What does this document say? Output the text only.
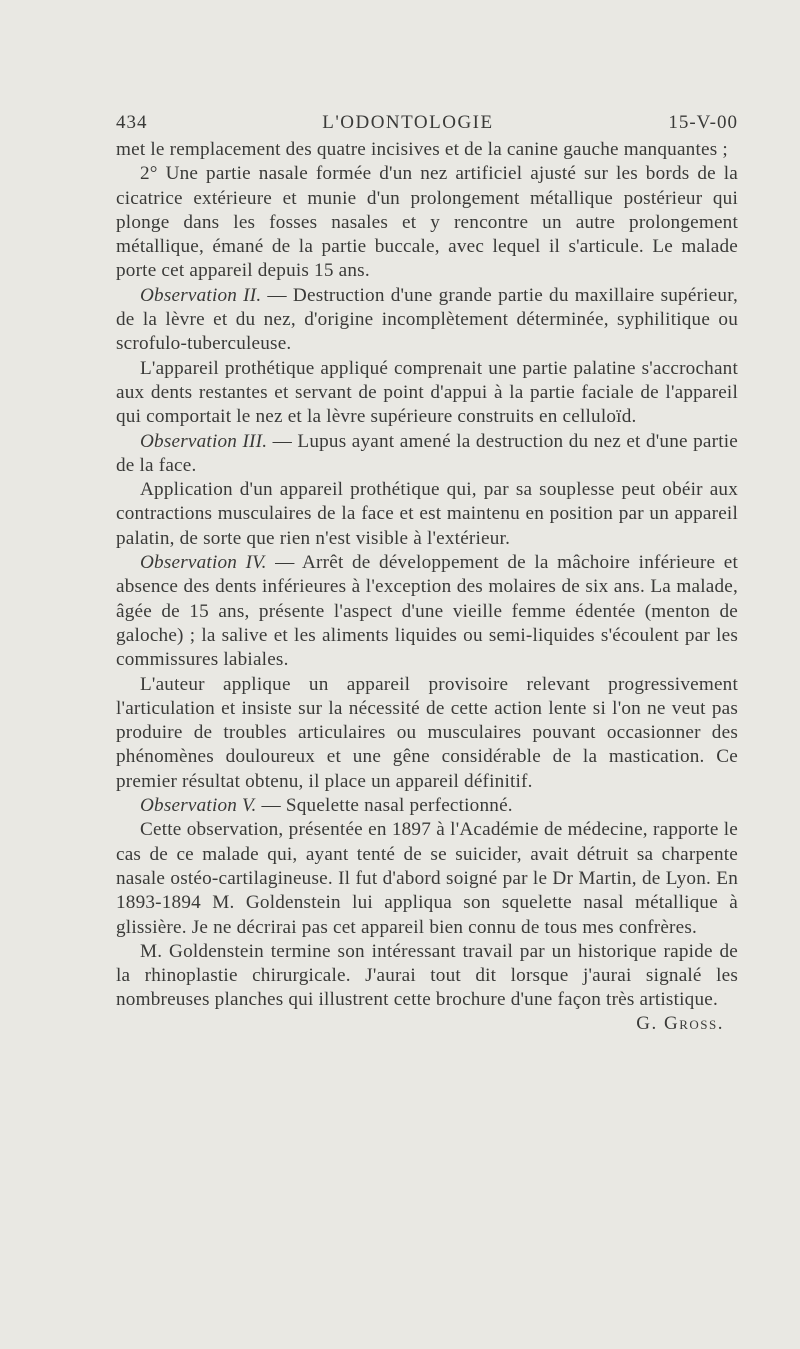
434	L'ODONTOLOGIE	15-V-00

met le remplacement des quatre incisives et de la canine gauche manquantes ;

2° Une partie nasale formée d'un nez artificiel ajusté sur les bords de la cicatrice extérieure et munie d'un prolongement métallique postérieur qui plonge dans les fosses nasales et y rencontre un autre prolongement métallique, émané de la partie buccale, avec lequel il s'articule. Le malade porte cet appareil depuis 15 ans.

Observation II. — Destruction d'une grande partie du maxillaire supérieur, de la lèvre et du nez, d'origine incomplètement déterminée, syphilitique ou scrofulo-tuberculeuse.

L'appareil prothétique appliqué comprenait une partie palatine s'accrochant aux dents restantes et servant de point d'appui à la partie faciale de l'appareil qui comportait le nez et la lèvre supérieure construits en celluloïd.

Observation III. — Lupus ayant amené la destruction du nez et d'une partie de la face.

Application d'un appareil prothétique qui, par sa souplesse peut obéir aux contractions musculaires de la face et est maintenu en position par un appareil palatin, de sorte que rien n'est visible à l'extérieur.

Observation IV. — Arrêt de développement de la mâchoire inférieure et absence des dents inférieures à l'exception des molaires de six ans. La malade, âgée de 15 ans, présente l'aspect d'une vieille femme édentée (menton de galoche) ; la salive et les aliments liquides ou semi-liquides s'écoulent par les commissures labiales.

L'auteur applique un appareil provisoire relevant progressivement l'articulation et insiste sur la nécessité de cette action lente si l'on ne veut pas produire de troubles articulaires ou musculaires pouvant occasionner des phénomènes douloureux et une gêne considérable de la mastication. Ce premier résultat obtenu, il place un appareil définitif.

Observation V. — Squelette nasal perfectionné.

Cette observation, présentée en 1897 à l'Académie de médecine, rapporte le cas de ce malade qui, ayant tenté de se suicider, avait détruit sa charpente nasale ostéo-cartilagineuse. Il fut d'abord soigné par le Dr Martin, de Lyon. En 1893-1894 M. Goldenstein lui appliqua son squelette nasal métallique à glissière. Je ne décrirai pas cet appareil bien connu de tous mes confrères.

M. Goldenstein termine son intéressant travail par un historique rapide de la rhinoplastie chirurgicale. J'aurai tout dit lorsque j'aurai signalé les nombreuses planches qui illustrent cette brochure d'une façon très artistique.

G. Gross.
